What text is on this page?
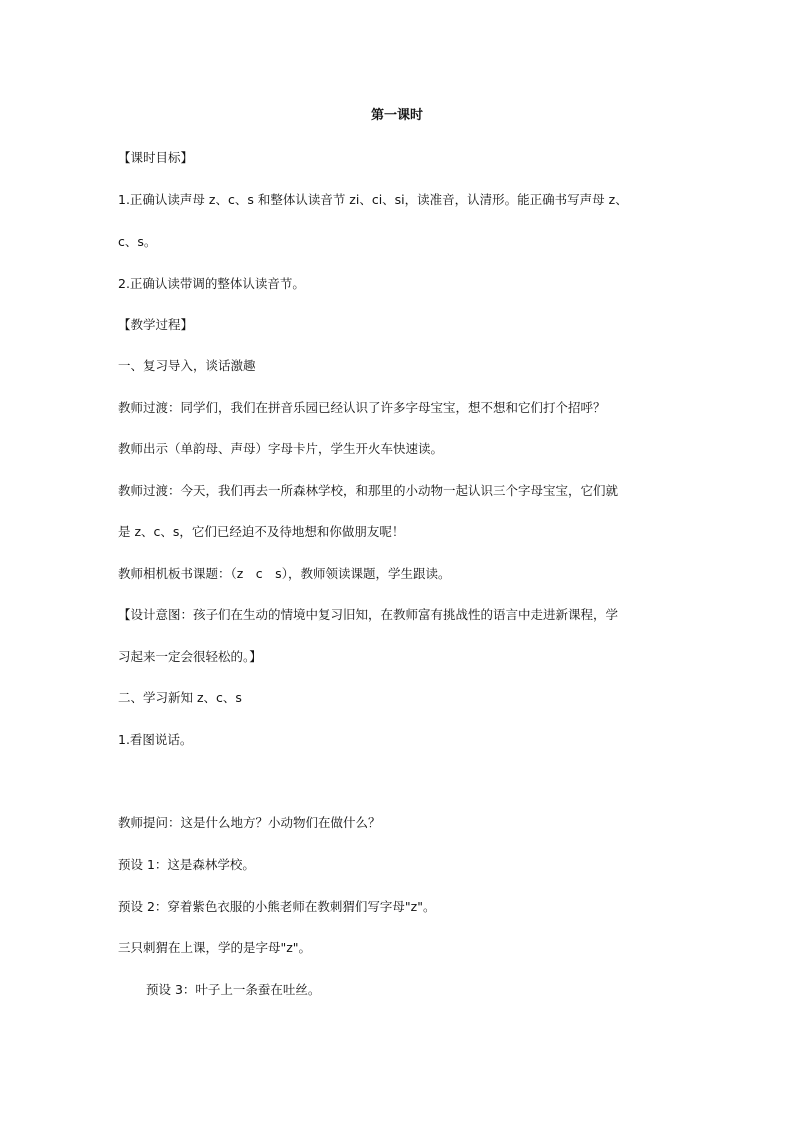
第一课时
【课时目标】
1.正确认读声母 z、c、s 和整体认读音节 zi、ci、si，读准音，认清形。能正确书写声母 z、
c、s。
2.正确认读带调的整体认读音节。
【教学过程】
一、复习导入，谈话激趣
教师过渡：同学们，我们在拼音乐园已经认识了许多字母宝宝，想不想和它们打个招呼？
教师出示（单韵母、声母）字母卡片，学生开火车快速读。
教师过渡：今天，我们再去一所森林学校，和那里的小动物一起认识三个字母宝宝，它们就
是 z、c、s，它们已经迫不及待地想和你做朋友呢！
教师相机板书课题：（z　c　s），教师领读课题，学生跟读。
【设计意图：孩子们在生动的情境中复习旧知，在教师富有挑战性的语言中走进新课程，学
习起来一定会很轻松的。】
二、学习新知 z、c、s
1.看图说话。
教师提问：这是什么地方？小动物们在做什么？
预设 1：这是森林学校。
预设 2：穿着紫色衣服的小熊老师在教刺猬们写字母"z"。
三只刺猬在上课，学的是字母"z"。
预设 3：叶子上一条蚕在吐丝。
